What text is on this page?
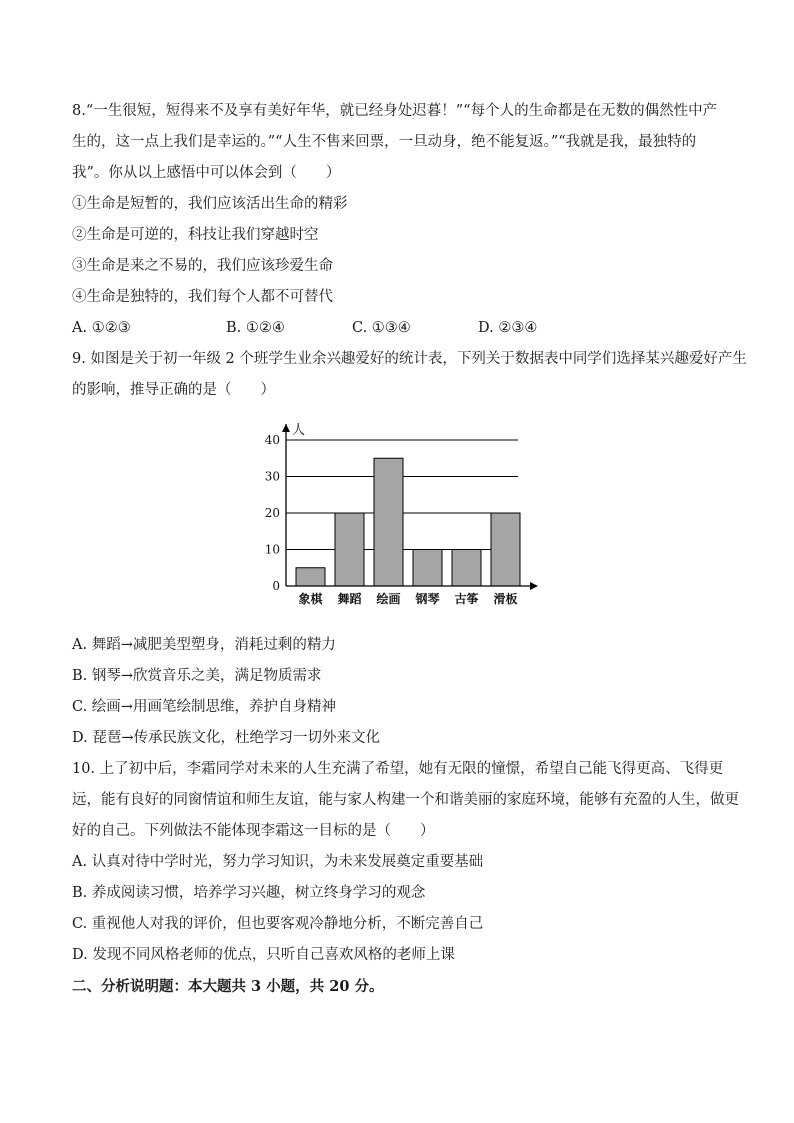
8.“一生很短，短得来不及享有美好年华，就已经身处迟暮！”“每个人的生命都是在无数的偶然性中产
生的，这一点上我们是幸运的。”“人生不售来回票，一旦动身，绝不能复返。”“我就是我，最独特的
我”。你从以上感悟中可以体会到（　　）
①生命是短暂的，我们应该活出生命的精彩
②生命是可逆的，科技让我们穿越时空
③生命是来之不易的，我们应该珍爱生命
④生命是独特的，我们每个人都不可替代
A. ①②③	B. ①②④	C. ①③④	D. ②③④
9. 如图是关于初一年级 2 个班学生业余兴趣爱好的统计表，下列关于数据表中同学们选择某兴趣爱好产生
的影响，推导正确的是（　　）
象棋 舞蹈 绘画 钢琴 古筝 滑板
0
10
20
30
40
人
A. 舞蹈→减肥美型塑身，消耗过剩的精力
B. 钢琴→欣赏音乐之美，满足物质需求
C. 绘画→用画笔绘制思维，养护自身精神
D. 琵琶→传承民族文化，杜绝学习一切外来文化
10. 上了初中后，李霜同学对未来的人生充满了希望，她有无限的憧憬，希望自己能飞得更高、飞得更
远，能有良好的同窗情谊和师生友谊，能与家人构建一个和谐美丽的家庭环境，能够有充盈的人生，做更
好的自己。下列做法不能体现李霜这一目标的是（　　）
A. 认真对待中学时光，努力学习知识，为未来发展奠定重要基础
B. 养成阅读习惯，培养学习兴趣，树立终身学习的观念
C. 重视他人对我的评价，但也要客观冷静地分析，不断完善自己
D. 发现不同风格老师的优点，只听自己喜欢风格的老师上课
二、分析说明题：本大题共 3 小题，共 20 分。
